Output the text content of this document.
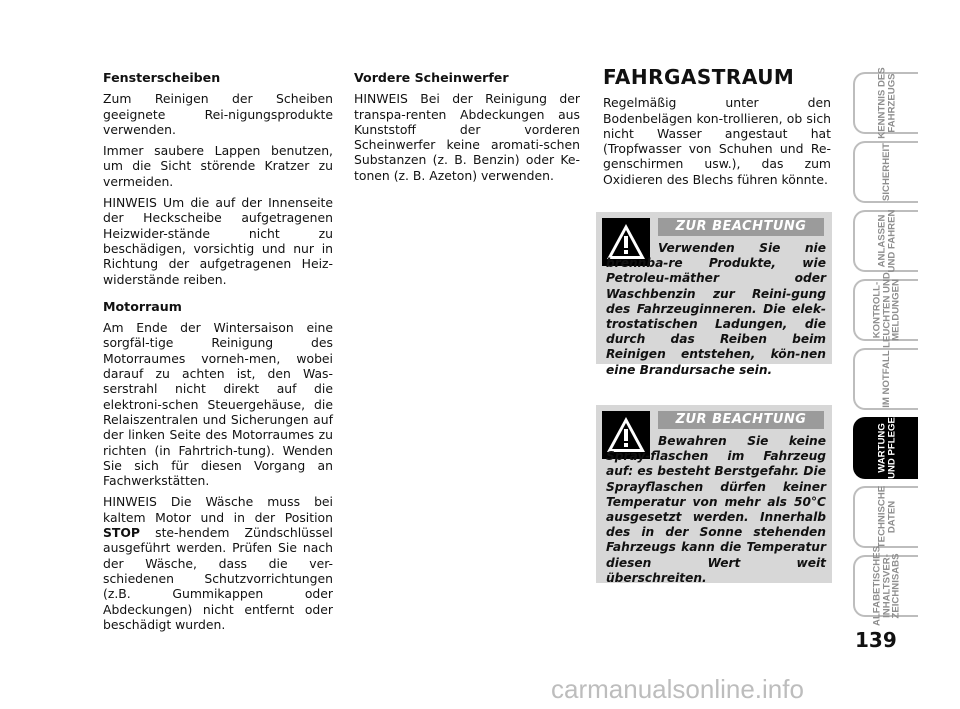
Fensterscheiben

Zum Reinigen der Scheiben geeignete Rei-nigungsprodukte verwenden.

Immer saubere Lappen benutzen, um die Sicht störende Kratzer zu vermeiden.

HINWEIS Um die auf der Innenseite der Heckscheibe aufgetragenen Heizwider-stände nicht zu beschädigen, vorsichtig und nur in Richtung der aufgetragenen Heiz-widerstände reiben.

Motorraum

Am Ende der Wintersaison eine sorgfäl-tige Reinigung des Motorraumes vorneh-men, wobei darauf zu achten ist, den Was-serstrahl nicht direkt auf die elektroni-schen Steuergehäuse, die Relaiszentralen und Sicherungen auf der linken Seite des Motorraumes zu richten (in Fahrtrich-tung). Wenden Sie sich für diesen Vorgang an Fachwerkstätten.

HINWEIS Die Wäsche muss bei kaltem Motor und in der Position STOP ste-hendem Zündschlüssel ausgeführt werden. Prüfen Sie nach der Wäsche, dass die ver-schiedenen Schutzvorrichtungen (z.B. Gummikappen oder Abdeckungen) nicht entfernt oder beschädigt wurden.

Vordere Scheinwerfer

HINWEIS Bei der Reinigung der transpa-renten Abdeckungen aus Kunststoff der vorderen Scheinwerfer keine aromati-schen Substanzen (z. B. Benzin) oder Ke-tonen (z. B. Azeton) verwenden.

FAHRGASTRAUM

Regelmäßig unter den Bodenbelägen kon-trollieren, ob sich nicht Wasser angestaut hat (Tropfwasser von Schuhen und Re-genschirmen usw.), das zum Oxidieren des Blechs führen könnte.

ZUR BEACHTUNG
Verwenden Sie nie brennba-re Produkte, wie Petroleu-mäther oder Waschbenzin zur Reini-gung des Fahrzeuginneren. Die elek-trostatischen Ladungen, die durch das Reiben beim Reinigen entstehen, kön-nen eine Brandursache sein.
ZUR BEACHTUNG
Bewahren Sie keine Spray-flaschen im Fahrzeug auf: es besteht Berstgefahr. Die Sprayflaschen dürfen keiner Temperatur von mehr als 50°C ausgesetzt werden. Innerhalb des in der Sonne stehenden Fahrzeugs kann die Temperatur diesen Wert weit überschreiten.
KENNTNIS DES
FAHRZEUGS
SICHERHEIT
ANLASSEN
UND FAHREN
KONTROLL-
LEUCHTEN UND
MELDUNGEN
IM NOTFALL
WARTUNG
UND PFLEGE
TECHNISCHE
DATEN
ALFABETISCHES
INHALTSVER-
ZEICHNISABS
139
carmanualsonline.info
